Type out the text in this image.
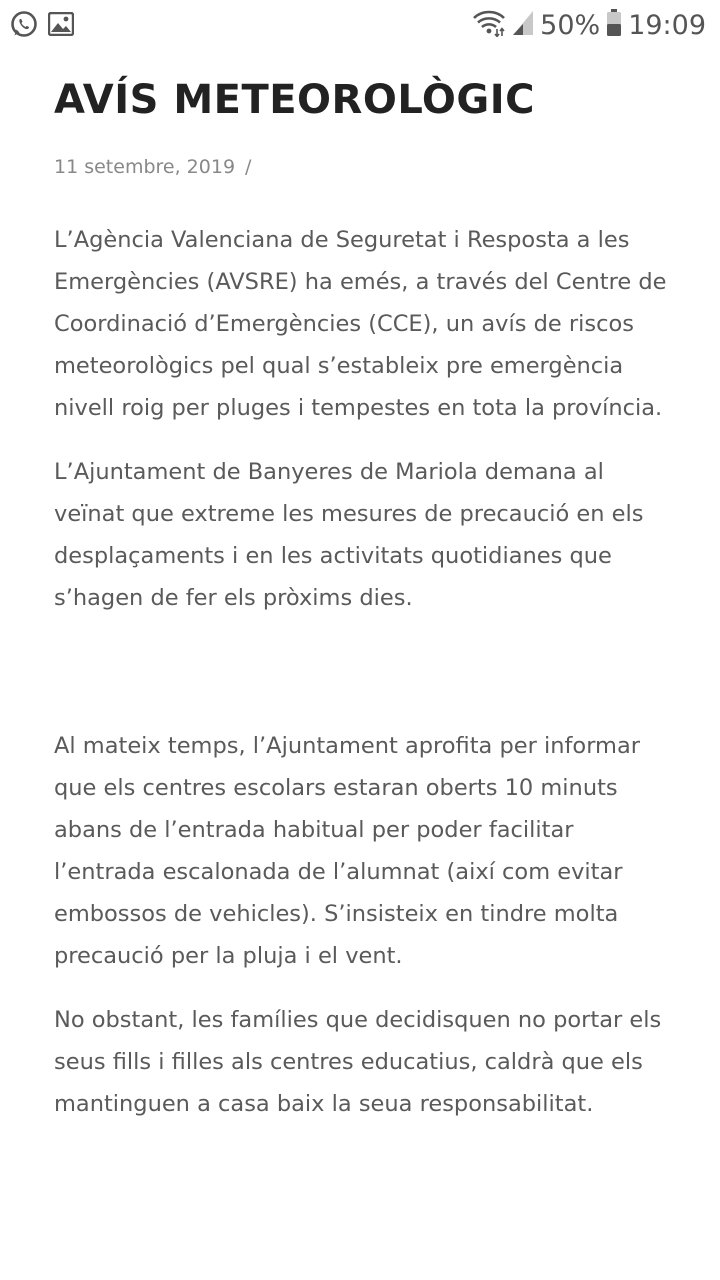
50% 19:09
AVÍS METEOROLÒGIC
11 setembre, 2019 /

L’Agència Valenciana de Seguretat i Resposta a les Emergències (AVSRE) ha emés, a través del Centre de Coordinació d’Emergències (CCE), un avís de riscos meteorològics pel qual s’estableix pre emergència nivell roig per pluges i tempestes en tota la província.

L’Ajuntament de Banyeres de Mariola demana al veïnat que extreme les mesures de precaució en els desplaçaments i en les activitats quotidianes que s’hagen de fer els pròxims dies.

Al mateix temps, l’Ajuntament aprofita per informar que els centres escolars estaran oberts 10 minuts abans de l’entrada habitual per poder facilitar l’entrada escalonada de l’alumnat (així com evitar embossos de vehicles). S’insisteix en tindre molta precaució per la pluja i el vent.

No obstant, les famílies que decidisquen no portar els seus fills i filles als centres educatius, caldrà que els mantinguen a casa baix la seua responsabilitat.
